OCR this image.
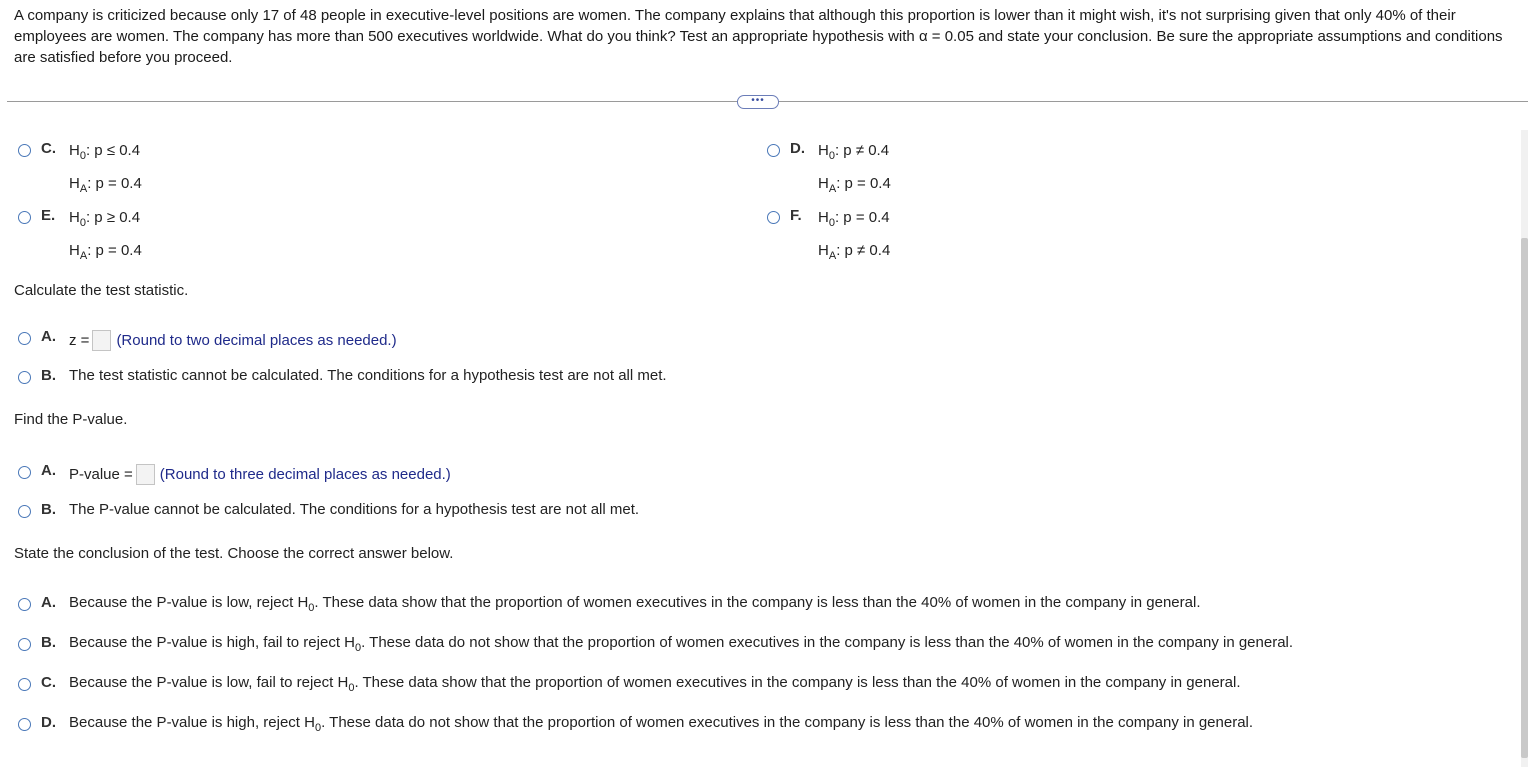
A company is criticized because only 17 of 48 people in executive-level positions are women. The company explains that although this proportion is lower than it might wish, it's not surprising given that only 40% of their employees are women. The company has more than 500 executives worldwide. What do you think? Test an appropriate hypothesis with α = 0.05 and state your conclusion. Be sure the appropriate assumptions and conditions are satisfied before you proceed.
•••
C. $H_0$: p ≤ 0.4
$H_A$: p = 0.4
D. $H_0$: p ≠ 0.4
$H_A$: p = 0.4
E. $H_0$: p ≥ 0.4
$H_A$: p = 0.4
F.	$H_0$: p = 0.4
$H_A$: p ≠ 0.4
Calculate the test statistic.
A. z = (Round to two decimal places as needed.)
B. The test statistic cannot be calculated. The conditions for a hypothesis test are not all met.
Find the P-value.
A. P-value = (Round to three decimal places as needed.)
B. The P-value cannot be calculated. The conditions for a hypothesis test are not all met.
State the conclusion of the test. Choose the correct answer below.
A. Because the P-value is low, reject $H_0$. These data show that the proportion of women executives in the company is less than the 40% of women in the company in general.
B. Because the P-value is high, fail to reject $H_0$. These data do not show that the proportion of women executives in the company is less than the 40% of women in the company in general.
C. Because the P-value is low, fail to reject $H_0$. These data show that the proportion of women executives in the company is less than the 40% of women in the company in general.
D. Because the P-value is high, reject $H_0$. These data do not show that the proportion of women executives in the company is less than the 40% of women in the company in general.
